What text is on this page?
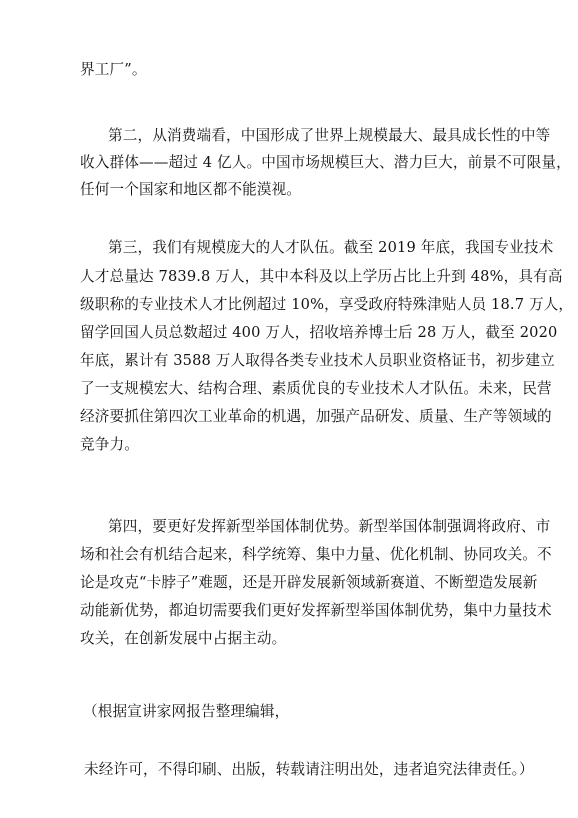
界工厂”。
第二，从消费端看，中国形成了世界上规模最大、最具成长性的中等
收入群体——超过 4 亿人。中国市场规模巨大、潜力巨大，前景不可限量，
任何一个国家和地区都不能漠视。
第三，我们有规模庞大的人才队伍。截至 2019 年底，我国专业技术
人才总量达 7839.8 万人，其中本科及以上学历占比上升到 48%，具有高
级职称的专业技术人才比例超过 10%，享受政府特殊津贴人员 18.7 万人，
留学回国人员总数超过 400 万人，招收培养博士后 28 万人，截至 2020
年底，累计有 3588 万人取得各类专业技术人员职业资格证书，初步建立
了一支规模宏大、结构合理、素质优良的专业技术人才队伍。未来，民营
经济要抓住第四次工业革命的机遇，加强产品研发、质量、生产等领域的
竞争力。
第四，要更好发挥新型举国体制优势。新型举国体制强调将政府、市
场和社会有机结合起来，科学统筹、集中力量、优化机制、协同攻关。不
论是攻克“卡脖子”难题，还是开辟发展新领域新赛道、不断塑造发展新
动能新优势，都迫切需要我们更好发挥新型举国体制优势，集中力量技术
攻关，在创新发展中占据主动。
（根据宣讲家网报告整理编辑，
未经许可，不得印刷、出版，转载请注明出处，违者追究法律责任。）
